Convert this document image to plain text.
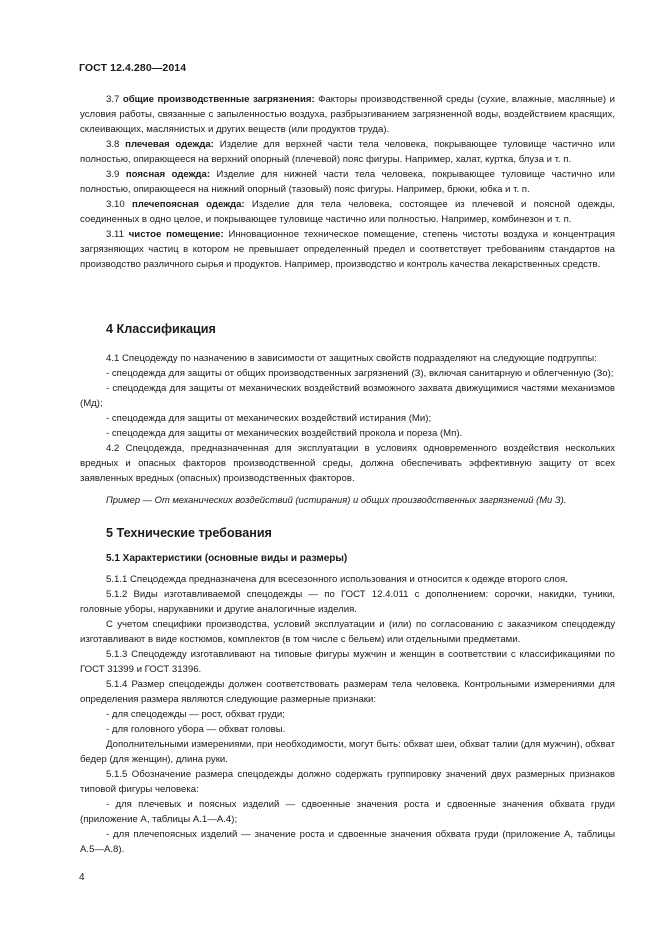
ГОСТ 12.4.280—2014

3.7 общие производственные загрязнения: Факторы производственной среды (сухие, влажные, масляные) и условия работы, связанные с запыленностью воздуха, разбрызгиванием загрязненной воды, воздействием красящих, склеивающих, маслянистых и других веществ (или продуктов труда).

3.8 плечевая одежда: Изделие для верхней части тела человека, покрывающее туловище частично или полностью, опирающееся на верхний опорный (плечевой) пояс фигуры. Например, халат, куртка, блуза и т. п.

3.9 поясная одежда: Изделие для нижней части тела человека, покрывающее туловище частично или полностью, опирающееся на нижний опорный (тазовый) пояс фигуры. Например, брюки, юбка и т. п.

3.10 плечепоясная одежда: Изделие для тела человека, состоящее из плечевой и поясной одежды, соединенных в одно целое, и покрывающее туловище частично или полностью. Например, комбинезон и т. п.

3.11 чистое помещение: Инновационное техническое помещение, степень чистоты воздуха и концентрация загрязняющих частиц в котором не превышает определенный предел и соответствует требованиям стандартов на производство различного сырья и продуктов. Например, производство и контроль качества лекарственных средств.

4 Классификация

4.1 Спецодежду по назначению в зависимости от защитных свойств подразделяют на следующие подгруппы:

- спецодежда для защиты от общих производственных загрязнений (З), включая санитарную и облегченную (Зо);

- спецодежда для защиты от механических воздействий возможного захвата движущимися частями механизмов (Мд);

- спецодежда для защиты от механических воздействий истирания (Ми);

- спецодежда для защиты от механических воздействий прокола и пореза (Мп).

4.2 Спецодежда, предназначенная для эксплуатации в условиях одновременного воздействия нескольких вредных и опасных факторов производственной среды, должна обеспечивать эффективную защиту от всех заявленных вредных (опасных) производственных факторов.

Пример — От механических воздействий (истирания) и общих производственных загрязнений (Ми З).

5 Технические требования
5.1 Характеристики (основные виды и размеры)

5.1.1 Спецодежда предназначена для всесезонного использования и относится к одежде второго слоя.

5.1.2 Виды изготавливаемой спецодежды — по ГОСТ 12.4.011 с дополнением: сорочки, накидки, туники, головные уборы, нарукавники и другие аналогичные изделия.

С учетом специфики производства, условий эксплуатации и (или) по согласованию с заказчиком спецодежду изготавливают в виде костюмов, комплектов (в том числе с бельем) или отдельными предметами.

5.1.3 Спецодежду изготавливают на типовые фигуры мужчин и женщин в соответствии с классификациями по ГОСТ 31399 и ГОСТ 31396.

5.1.4 Размер спецодежды должен соответствовать размерам тела человека. Контрольными измерениями для определения размера являются следующие размерные признаки:

- для спецодежды — рост, обхват груди;

- для головного убора — обхват головы.

Дополнительными измерениями, при необходимости, могут быть: обхват шеи, обхват талии (для мужчин), обхват бедер (для женщин), длина руки.

5.1.5 Обозначение размера спецодежды должно содержать группировку значений двух размерных признаков типовой фигуры человека:

- для плечевых и поясных изделий — сдвоенные значения роста и сдвоенные значения обхвата груди (приложение А, таблицы А.1—А.4);

- для плечепоясных изделий — значение роста и сдвоенные значения обхвата груди (приложение А, таблицы А.5—А.8).

4
